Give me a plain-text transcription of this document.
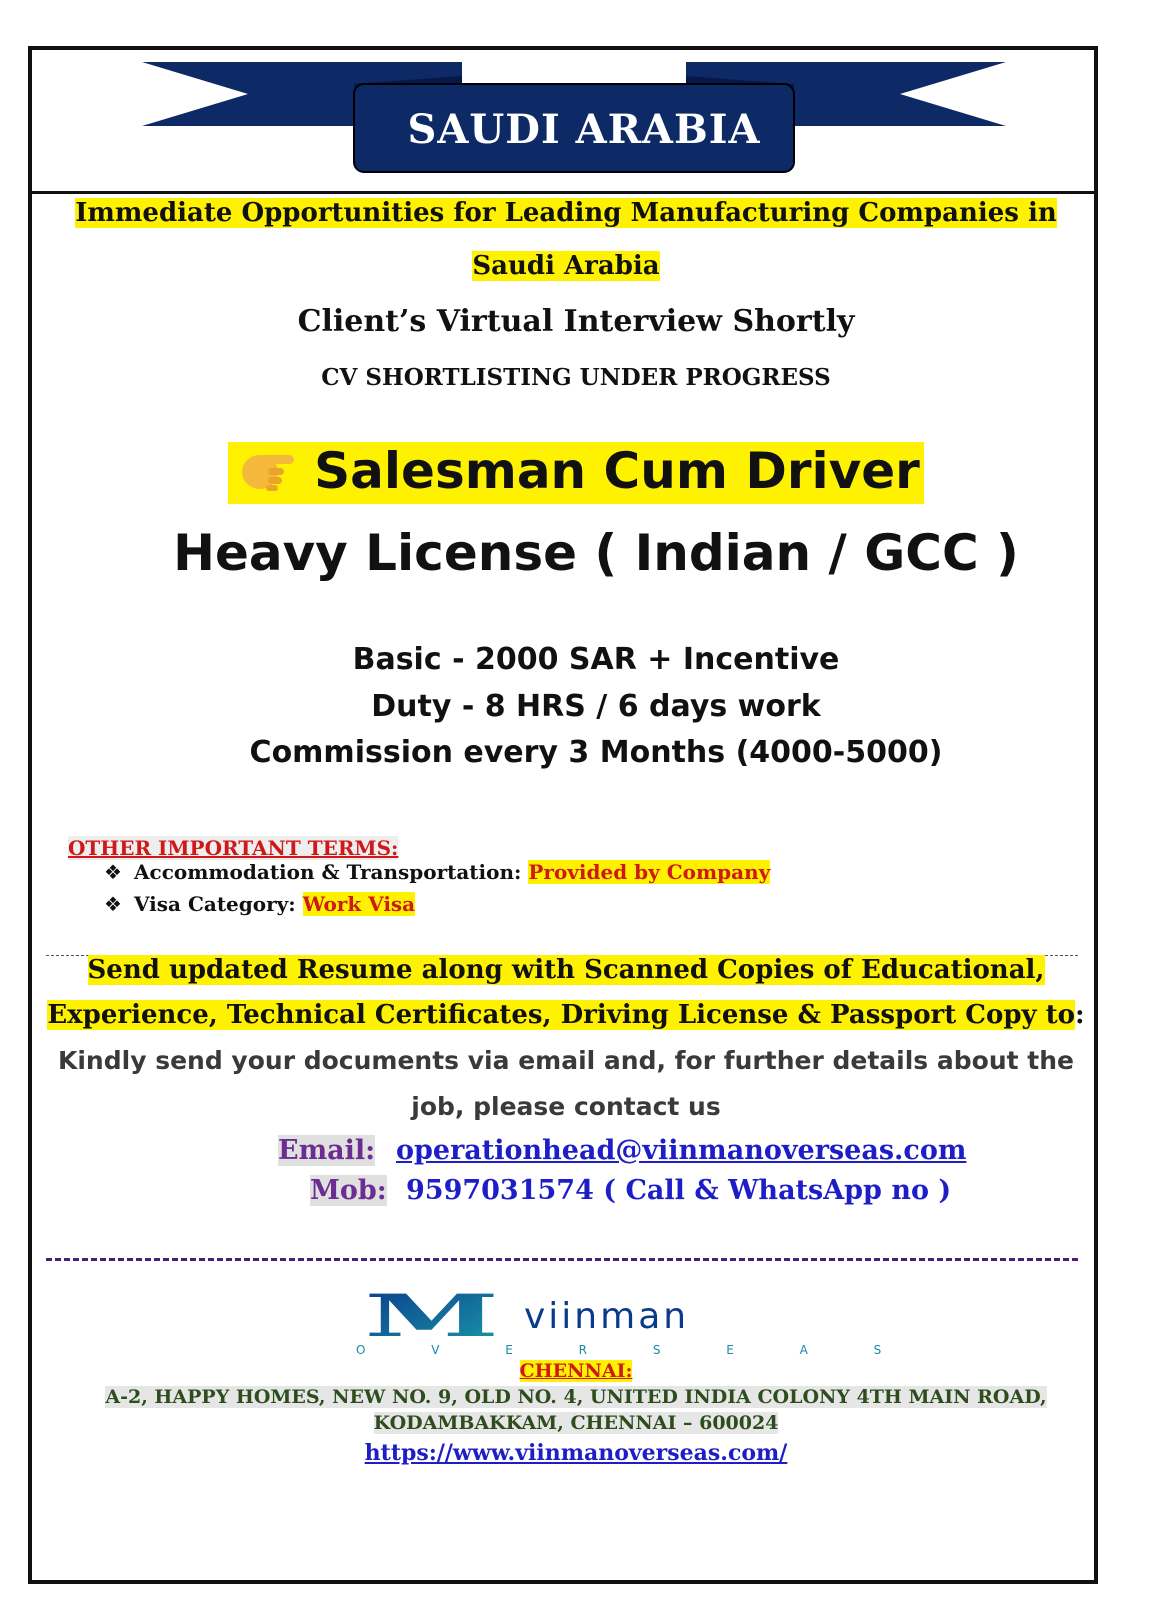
SAUDI ARABIA
Immediate Opportunities for Leading Manufacturing Companies in
Saudi Arabia
Client’s Virtual Interview Shortly
CV SHORTLISTING UNDER PROGRESS
Salesman Cum Driver
Heavy License ( Indian / GCC )
Basic - 2000 SAR + Incentive
Duty - 8 HRS / 6 days work
Commission every 3 Months (4000-5000)
OTHER IMPORTANT TERMS:
❖ Accommodation & Transportation: Provided by Company
❖ Visa Category: Work Visa
Send updated Resume along with Scanned Copies of Educational,
Experience, Technical Certificates, Driving License & Passport Copy to:
Kindly send your documents via email and, for further details about the
job, please contact us
Email: operationhead@viinmanoverseas.com
Mob: 9597031574 ( Call & WhatsApp no )
M viinman
O V E R S E A S
CHENNAI:
A-2, HAPPY HOMES, NEW NO. 9, OLD NO. 4, UNITED INDIA COLONY 4TH MAIN ROAD,
KODAMBAKKAM, CHENNAI – 600024
https://www.viinmanoverseas.com/
